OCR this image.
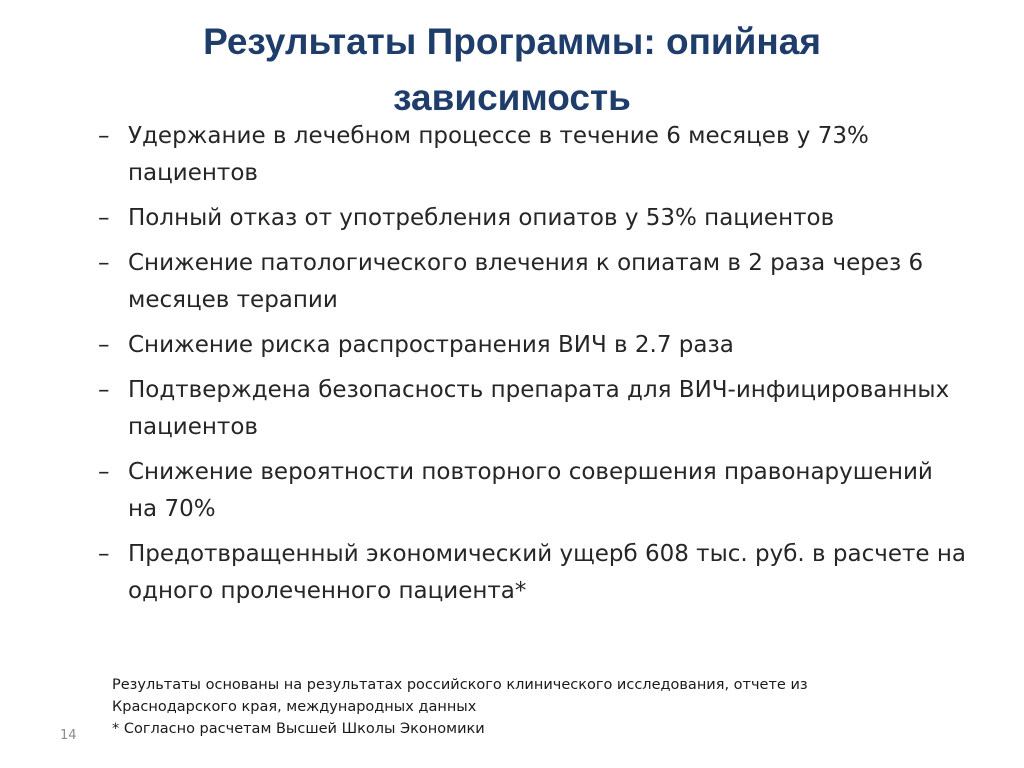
Результаты Программы: опийная
зависимость
– Удержание в лечебном процессе в течение 6 месяцев у 73% пациентов
– Полный отказ от употребления опиатов у 53% пациентов
– Снижение патологического влечения к опиатам в 2 раза через 6 месяцев терапии
– Снижение риска распространения ВИЧ в 2.7 раза
– Подтверждена безопасность препарата для ВИЧ-инфицированных пациентов
– Снижение вероятности повторного совершения правонарушений на 70%
– Предотвращенный экономический ущерб 608 тыс. руб. в расчете на одного пролеченного пациента*
Результаты основаны на результатах российского клинического исследования, отчете из
Краснодарского края, международных данных
* Согласно расчетам Высшей Школы Экономики
14
